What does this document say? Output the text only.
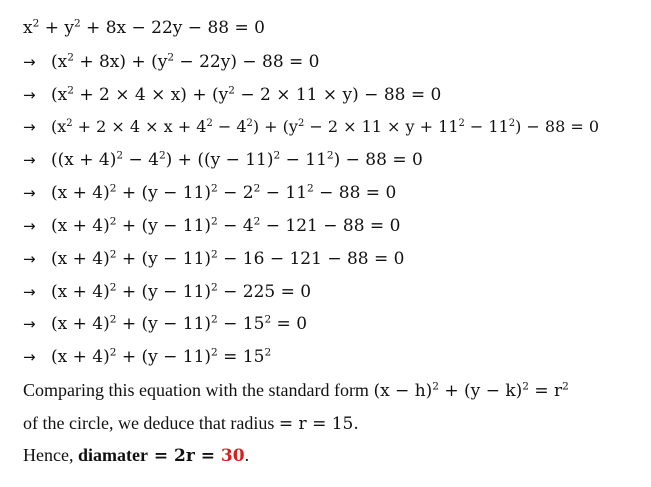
$x^2 + y^2 + 8x - 22y - 88 = 0$
→ $(x^2 + 8x) + (y^2 - 22y) - 88 = 0$
→ $(x^2 + 2 \times 4 \times x) + (y^2 - 2 \times 11 \times y) - 88 = 0$
→ $(x^2 + 2 \times 4 \times x + 4^2 - 4^2) + (y^2 - 2 \times 11 \times y + 11^2 - 11^2) - 88 = 0$
→ $((x + 4)^2 - 4^2) + ((y - 11)^2 - 11^2) - 88 = 0$
→ $(x + 4)^2 + (y - 11)^2 - 2^2 - 11^2 - 88 = 0$
→ $(x + 4)^2 + (y - 11)^2 - 4^2 - 121 - 88 = 0$
→ $(x + 4)^2 + (y - 11)^2 - 16 - 121 - 88 = 0$
→ $(x + 4)^2 + (y - 11)^2 - 225 = 0$
→ $(x + 4)^2 + (y - 11)^2 - 15^2 = 0$
→ $(x + 4)^2 + (y - 11)^2 = 15^2$
Comparing this equation with the standard form $(x - h)^2 + (y - k)^2 = r^2$
of the circle, we deduce that radius = r = 15.
Hence, diamater = 2r = 30.
